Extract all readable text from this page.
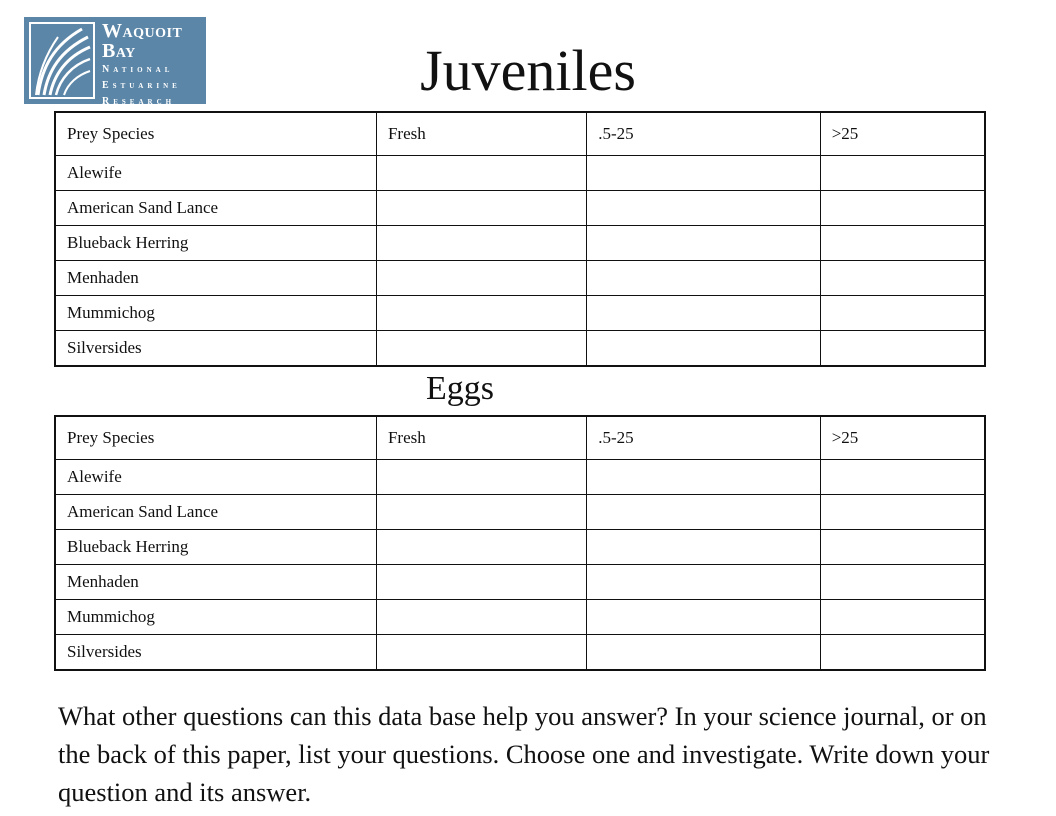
Waquoit Bay
National
Estuarine
Research
Reserve
Juveniles
Prey Species	Fresh	.5-25	>25
Alewife			
American Sand Lance			
Blueback Herring			
Menhaden			
Mummichog			
Silversides			
Eggs
Prey Species	Fresh	.5-25	>25
Alewife			
American Sand Lance			
Blueback Herring			
Menhaden			
Mummichog			
Silversides			
What other questions can this data base help you answer? In your science journal, or on the back of this paper, list your questions. Choose one and investigate. Write down your question and its answer.
